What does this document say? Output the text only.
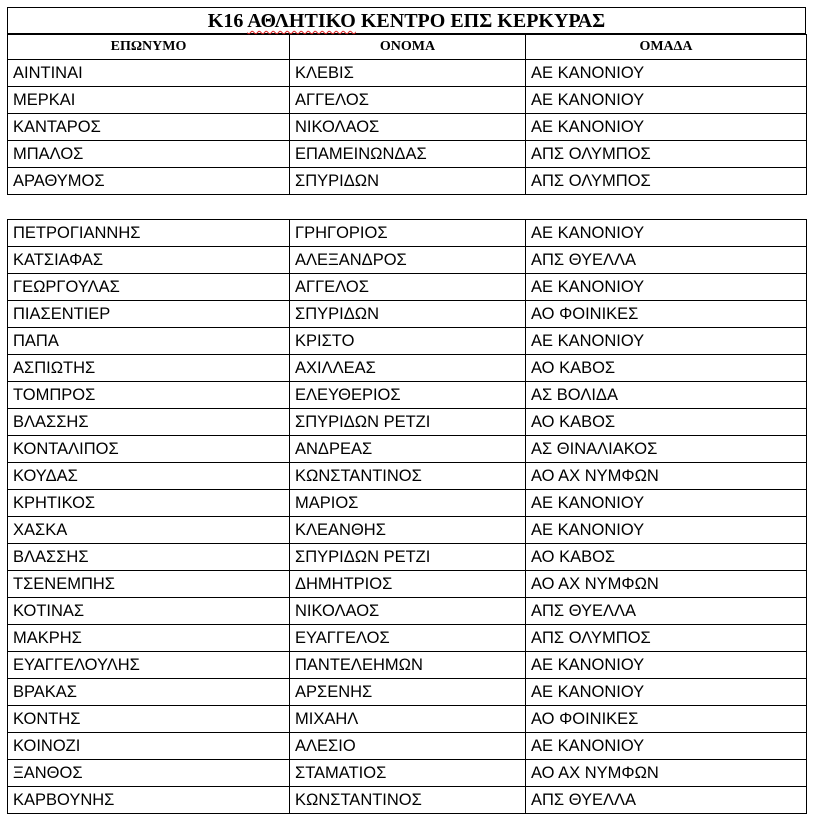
Κ16 ΑΘΛΗΤΙΚΟ ΚΕΝΤΡΟ ΕΠΣ ΚΕΡΚΥΡΑΣ
ΕΠΩΝΥΜΟ	ΟΝΟΜΑ	ΟΜΑΔΑ
ΑΙΝΤΙΝΑΙ	ΚΛΕΒΙΣ	ΑΕ ΚΑΝΟΝΙΟΥ
ΜΕΡΚΑΙ	ΑΓΓΕΛΟΣ	ΑΕ ΚΑΝΟΝΙΟΥ
ΚΑΝΤΑΡΟΣ	ΝΙΚΟΛΑΟΣ	ΑΕ ΚΑΝΟΝΙΟΥ
ΜΠΑΛΟΣ	ΕΠΑΜΕΙΝΩΝΔΑΣ	ΑΠΣ ΟΛΥΜΠΟΣ
ΑΡΑΘΥΜΟΣ	ΣΠΥΡΙΔΩΝ	ΑΠΣ ΟΛΥΜΠΟΣ

ΠΕΤΡΟΓΙΑΝΝΗΣ	ΓΡΗΓΟΡΙΟΣ	ΑΕ ΚΑΝΟΝΙΟΥ
ΚΑΤΣΙΑΦΑΣ	ΑΛΕΞΑΝΔΡΟΣ	ΑΠΣ ΘΥΕΛΛΑ
ΓΕΩΡΓΟΥΛΑΣ	ΑΓΓΕΛΟΣ	ΑΕ ΚΑΝΟΝΙΟΥ
ΠΙΑΣΕΝΤΙΕΡ	ΣΠΥΡΙΔΩΝ	ΑΟ ΦΟΙΝΙΚΕΣ
ΠΑΠΑ	ΚΡΙΣΤΟ	ΑΕ ΚΑΝΟΝΙΟΥ
ΑΣΠΙΩΤΗΣ	ΑΧΙΛΛΕΑΣ	ΑΟ ΚΑΒΟΣ
ΤΟΜΠΡΟΣ	ΕΛΕΥΘΕΡΙΟΣ	ΑΣ ΒΟΛΙΔΑ
ΒΛΑΣΣΗΣ	ΣΠΥΡΙΔΩΝ ΡΕΤΖΙ	ΑΟ ΚΑΒΟΣ
ΚΟΝΤΑΛΙΠΟΣ	ΑΝΔΡΕΑΣ	ΑΣ ΘΙΝΑΛΙΑΚΟΣ
ΚΟΥΔΑΣ	ΚΩΝΣΤΑΝΤΙΝΟΣ	ΑΟ ΑΧ ΝΥΜΦΩΝ
ΚΡΗΤΙΚΟΣ	ΜΑΡΙΟΣ	ΑΕ ΚΑΝΟΝΙΟΥ
ΧΑΣΚΑ	ΚΛΕΑΝΘΗΣ	ΑΕ ΚΑΝΟΝΙΟΥ
ΒΛΑΣΣΗΣ	ΣΠΥΡΙΔΩΝ ΡΕΤΖΙ	ΑΟ ΚΑΒΟΣ
ΤΣΕΝΕΜΠΗΣ	ΔΗΜΗΤΡΙΟΣ	ΑΟ ΑΧ ΝΥΜΦΩΝ
ΚΟΤΙΝΑΣ	ΝΙΚΟΛΑΟΣ	ΑΠΣ ΘΥΕΛΛΑ
ΜΑΚΡΗΣ	ΕΥΑΓΓΕΛΟΣ	ΑΠΣ ΟΛΥΜΠΟΣ
ΕΥΑΓΓΕΛΟΥΛΗΣ	ΠΑΝΤΕΛΕΗΜΩΝ	ΑΕ ΚΑΝΟΝΙΟΥ
ΒΡΑΚΑΣ	ΑΡΣΕΝΗΣ	ΑΕ ΚΑΝΟΝΙΟΥ
ΚΟΝΤΗΣ	ΜΙΧΑΗΛ	ΑΟ ΦΟΙΝΙΚΕΣ
ΚΟΙΝΟΖΙ	ΑΛΕΣΙΟ	ΑΕ ΚΑΝΟΝΙΟΥ
ΞΑΝΘΟΣ	ΣΤΑΜΑΤΙΟΣ	ΑΟ ΑΧ ΝΥΜΦΩΝ
ΚΑΡΒΟΥΝΗΣ	ΚΩΝΣΤΑΝΤΙΝΟΣ	ΑΠΣ ΘΥΕΛΛΑ
